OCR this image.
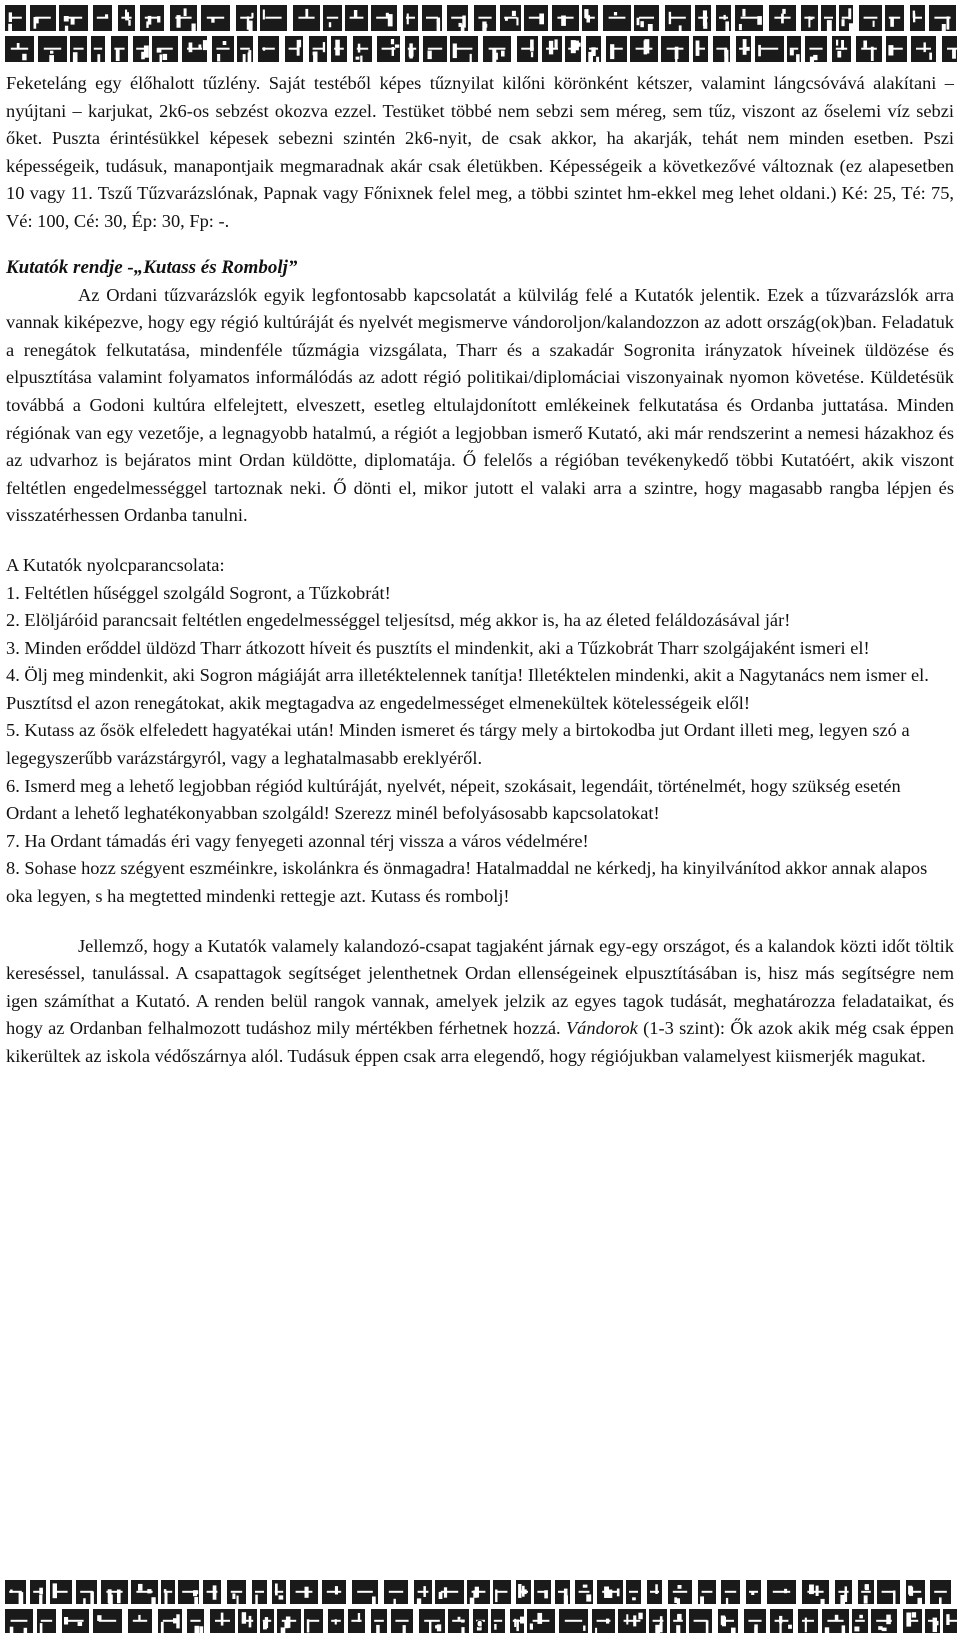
Feketeláng egy élőhalott tűzlény. Saját testéből képes tűznyilat kilőni körönként kétszer, valamint lángcsóvává alakítani – nyújtani – karjukat, 2k6-os sebzést okozva ezzel. Testüket többé nem sebzi sem méreg, sem tűz, viszont az őselemi víz sebzi őket. Puszta érintésükkel képesek sebezni szintén 2k6-nyit, de csak akkor, ha akarják, tehát nem minden esetben. Pszi képességeik, tudásuk, manapontjaik megmaradnak akár csak életükben. Képességeik a következővé változnak (ez alapesetben 10 vagy 11. Tszű Tűzvarázslónak, Papnak vagy Főnixnek felel meg, a többi szintet hm-ekkel meg lehet oldani.) Ké: 25, Té: 75, Vé: 100, Cé: 30, Ép: 30, Fp: -.

Kutatók rendje -„Kutass és Rombolj”

Az Ordani tűzvarázslók egyik legfontosabb kapcsolatát a külvilág felé a Kutatók jelentik. Ezek a tűzvarázslók arra vannak kiképezve, hogy egy régió kultúráját és nyelvét megismerve vándoroljon/kalandozzon az adott ország(ok)ban. Feladatuk a renegátok felkutatása, mindenféle tűzmágia vizsgálata, Tharr és a szakadár Sogronita irányzatok híveinek üldözése és elpusztítása valamint folyamatos informálódás az adott régió politikai/diplomáciai viszonyainak nyomon követése. Küldetésük továbbá a Godoni kultúra elfelejtett, elveszett, esetleg eltulajdonított emlékeinek felkutatása és Ordanba juttatása. Minden régiónak van egy vezetője, a legnagyobb hatalmú, a régiót a legjobban ismerő Kutató, aki már rendszerint a nemesi házakhoz és az udvarhoz is bejáratos mint Ordan küldötte, diplomatája. Ő felelős a régióban tevékenykedő többi Kutatóért, akik viszont feltétlen engedelmességgel tartoznak neki. Ő dönti el, mikor jutott el valaki arra a szintre, hogy magasabb rangba lépjen és visszatérhessen Ordanba tanulni.

A Kutatók nyolcparancsolata:

1. Feltétlen hűséggel szolgáld Sogront, a Tűzkobrát!

2. Elöljáróid parancsait feltétlen engedelmességgel teljesítsd, még akkor is, ha az életed feláldozásával jár!

3. Minden erőddel üldözd Tharr átkozott híveit és pusztíts el mindenkit, aki a Tűzkobrát Tharr szolgájaként ismeri el!

4. Ölj meg mindenkit, aki Sogron mágiáját arra illetéktelennek tanítja! Illetéktelen mindenki, akit a Nagytanács nem ismer el. Pusztítsd el azon renegátokat, akik megtagadva az engedelmességet elmenekültek kötelességeik elől!

5. Kutass az ősök elfeledett hagyatékai után! Minden ismeret és tárgy mely a birtokodba jut Ordant illeti meg, legyen szó a legegyszerűbb varázstárgyról, vagy a leghatalmasabb ereklyéről.

6. Ismerd meg a lehető legjobban régiód kultúráját, nyelvét, népeit, szokásait, legendáit, történelmét, hogy szükség esetén Ordant a lehető leghatékonyabban szolgáld! Szerezz minél befolyásosabb kapcsolatokat!

7. Ha Ordant támadás éri vagy fenyegeti azonnal térj vissza a város védelmére!

8. Sohase hozz szégyent eszméinkre, iskolánkra és önmagadra! Hatalmaddal ne kérkedj, ha kinyilvánítod akkor annak alapos oka legyen, s ha megtetted mindenki rettegje azt. Kutass és rombolj!

Jellemző, hogy a Kutatók valamely kalandozó-csapat tagjaként járnak egy-egy országot, és a kalandok közti időt töltik kereséssel, tanulással. A csapattagok segítséget jelenthetnek Ordan ellenségeinek elpusztításában is, hisz más segítségre nem igen számíthat a Kutató. A renden belül rangok vannak, amelyek jelzik az egyes tagok tudását, meghatározza feladataikat, és hogy az Ordanban felhalmozott tudáshoz mily mértékben férhetnek hozzá. Vándorok (1-3 szint): Ők azok akik még csak éppen kikerültek az iskola védőszárnya alól. Tudásuk éppen csak arra elegendő, hogy régiójukban valamelyest kiismerjék magukat.

9
